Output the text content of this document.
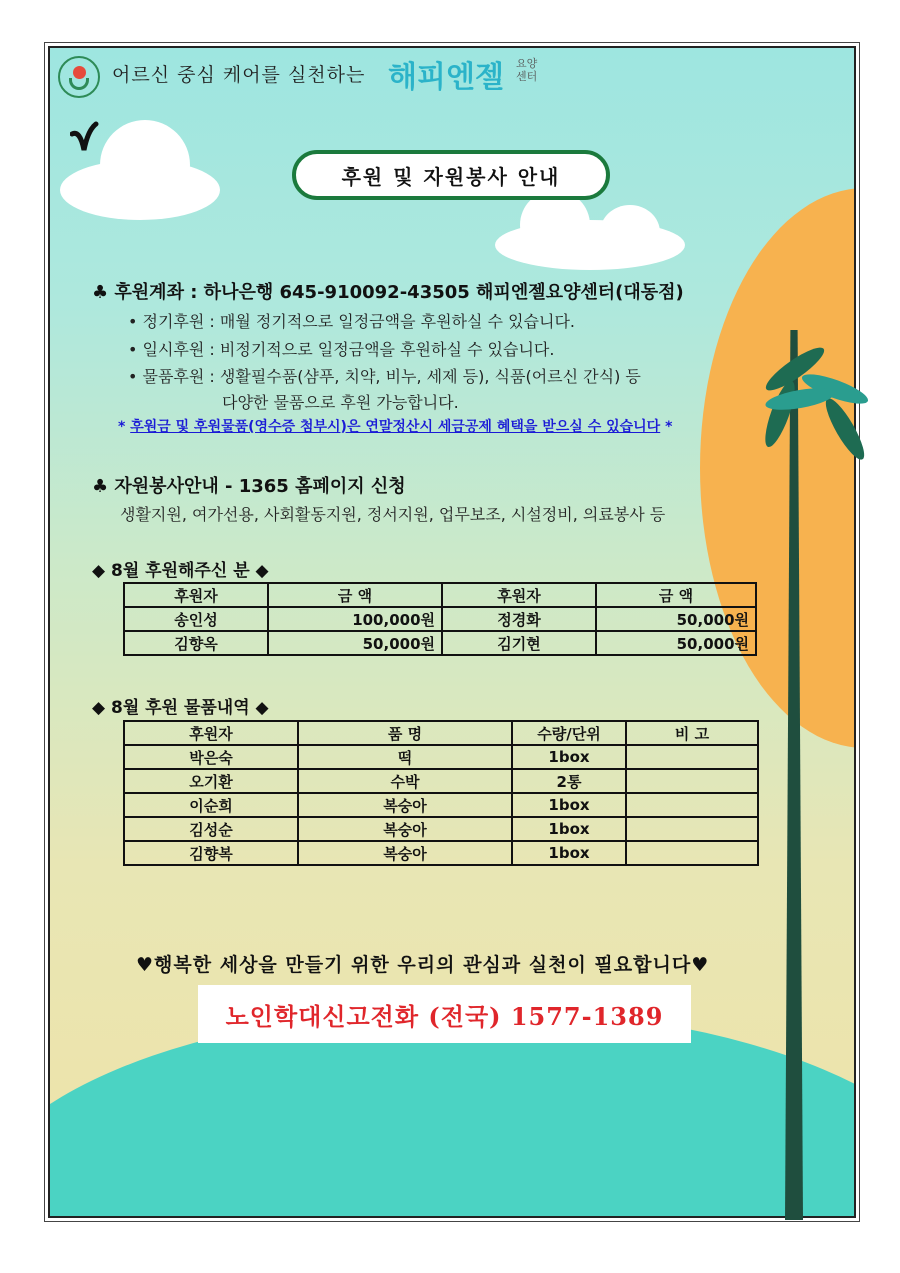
어르신 중심 케어를 실천하는 해피엔젤 요양
센터
후원 및 자원봉사 안내
♣ 후원계좌 : 하나은행 645-910092-43505 해피엔젤요양센터(대동점)
• 정기후원 : 매월 정기적으로 일정금액을 후원하실 수 있습니다.
• 일시후원 : 비정기적으로 일정금액을 후원하실 수 있습니다.
• 물품후원 : 생활필수품(샴푸, 치약, 비누, 세제 등), 식품(어르신 간식) 등
다양한 물품으로 후원 가능합니다.
* 후원금 및 후원물품(영수증 첨부시)은 연말정산시 세금공제 혜택을 받으실 수 있습니다 *
♣ 자원봉사안내 - 1365 홈페이지 신청
생활지원, 여가선용, 사회활동지원, 정서지원, 업무보조, 시설정비, 의료봉사 등
◆ 8월 후원해주신 분 ◆
후원자	금 액	후원자	금 액
송인성	100,000원	정경화	50,000원
김향옥	50,000원	김기현	50,000원
◆ 8월 후원 물품내역 ◆
후원자	품 명	수량/단위	비 고
박은숙	떡	1box	
오기환	수박	2통	
이순희	복숭아	1box	
김성순	복숭아	1box	
김향복	복숭아	1box	
♥행복한 세상을 만들기 위한 우리의 관심과 실천이 필요합니다♥
노인학대신고전화 (전국) 1577-1389
